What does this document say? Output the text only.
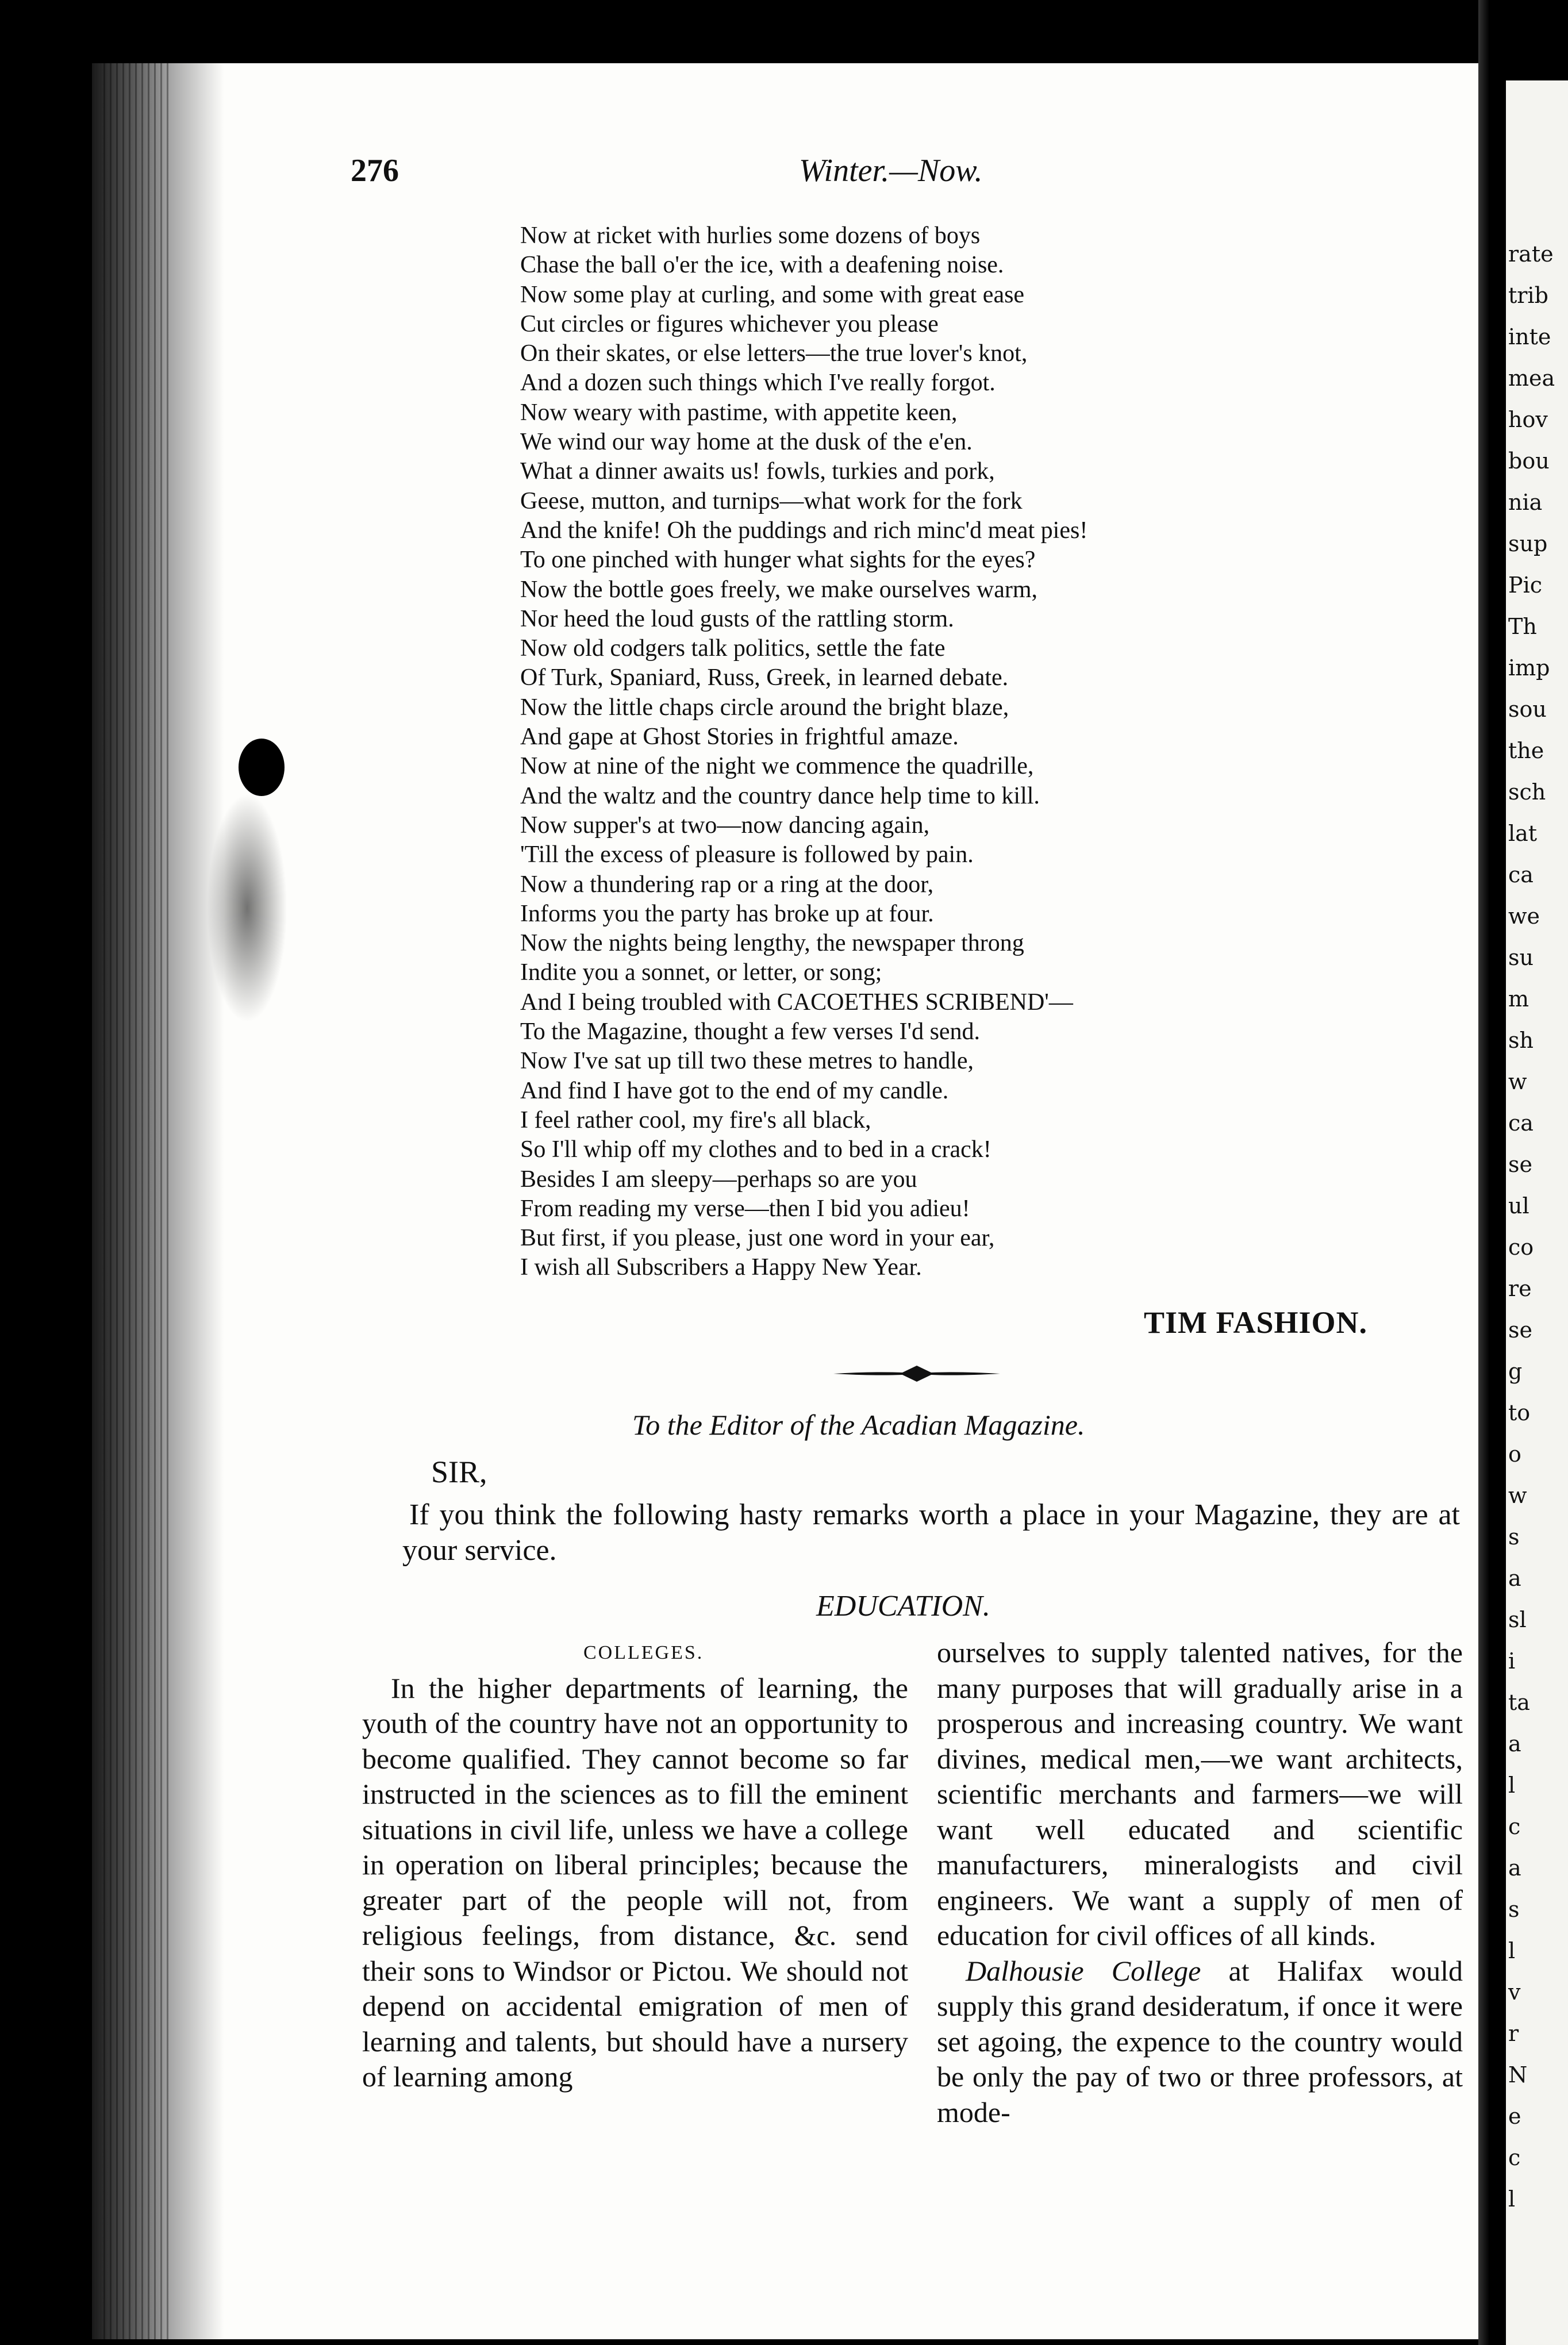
276	Winter.—Now.
Now at ricket with hurlies some dozens of boys
Chase the ball o'er the ice, with a deafening noise.
Now some play at curling, and some with great ease
Cut circles or figures whichever you please
On their skates, or else letters—the true lover's knot,
And a dozen such things which I've really forgot.
Now weary with pastime, with appetite keen,
We wind our way home at the dusk of the e'en.
What a dinner awaits us! fowls, turkies and pork,
Geese, mutton, and turnips—what work for the fork
And the knife! Oh the puddings and rich minc'd meat pies!
To one pinched with hunger what sights for the eyes?
Now the bottle goes freely, we make ourselves warm,
Nor heed the loud gusts of the rattling storm.
Now old codgers talk politics, settle the fate
Of Turk, Spaniard, Russ, Greek, in learned debate.
Now the little chaps circle around the bright blaze,
And gape at Ghost Stories in frightful amaze.
Now at nine of the night we commence the quadrille,
And the waltz and the country dance help time to kill.
Now supper's at two—now dancing again,
'Till the excess of pleasure is followed by pain.
Now a thundering rap or a ring at the door,
Informs you the party has broke up at four.
Now the nights being lengthy, the newspaper throng
Indite you a sonnet, or letter, or song;
And I being troubled with CACOETHES SCRIBEND'—
To the Magazine, thought a few verses I'd send.
Now I've sat up till two these metres to handle,
And find I have got to the end of my candle.
I feel rather cool, my fire's all black,
So I'll whip off my clothes and to bed in a crack!
Besides I am sleepy—perhaps so are you
From reading my verse—then I bid you adieu!
But first, if you please, just one word in your ear,
I wish all Subscribers a Happy New Year.
TIM FASHION.
To the Editor of the Acadian Magazine.
SIR,
If you think the following hasty remarks worth a place in your Magazine, they are at your service.
EDUCATION.
COLLEGES.

In the higher departments of learning, the youth of the country have not an opportunity to become qualified. They cannot become so far instructed in the sciences as to fill the eminent situations in civil life, unless we have a college in operation on liberal principles; because the greater part of the people will not, from religious feelings, from distance, &c. send their sons to Windsor or Pictou. We should not depend on accidental emigration of men of learning and talents, but should have a nursery of learning among

ourselves to supply talented natives, for the many purposes that will gradually arise in a prosperous and increasing country. We want divines, medical men,—we want architects, scientific merchants and farmers—we will want well educated and scientific manufacturers, mineralogists and civil engineers. We want a supply of men of education for civil offices of all kinds.

Dalhousie College at Halifax would supply this grand desideratum, if once it were set agoing, the expence to the country would be only the pay of two or three professors, at mode-

rate
trib
inte
mea
hov
bou
nia
sup
Pic
Th
imp
sou
the
sch
lat
ca
we
su
m
sh
w
ca
se
ul
co
re
se
g
to
o
w
s
a
sl
i
ta
a
l
c
a
s
l
v
r
N
e
c
l
